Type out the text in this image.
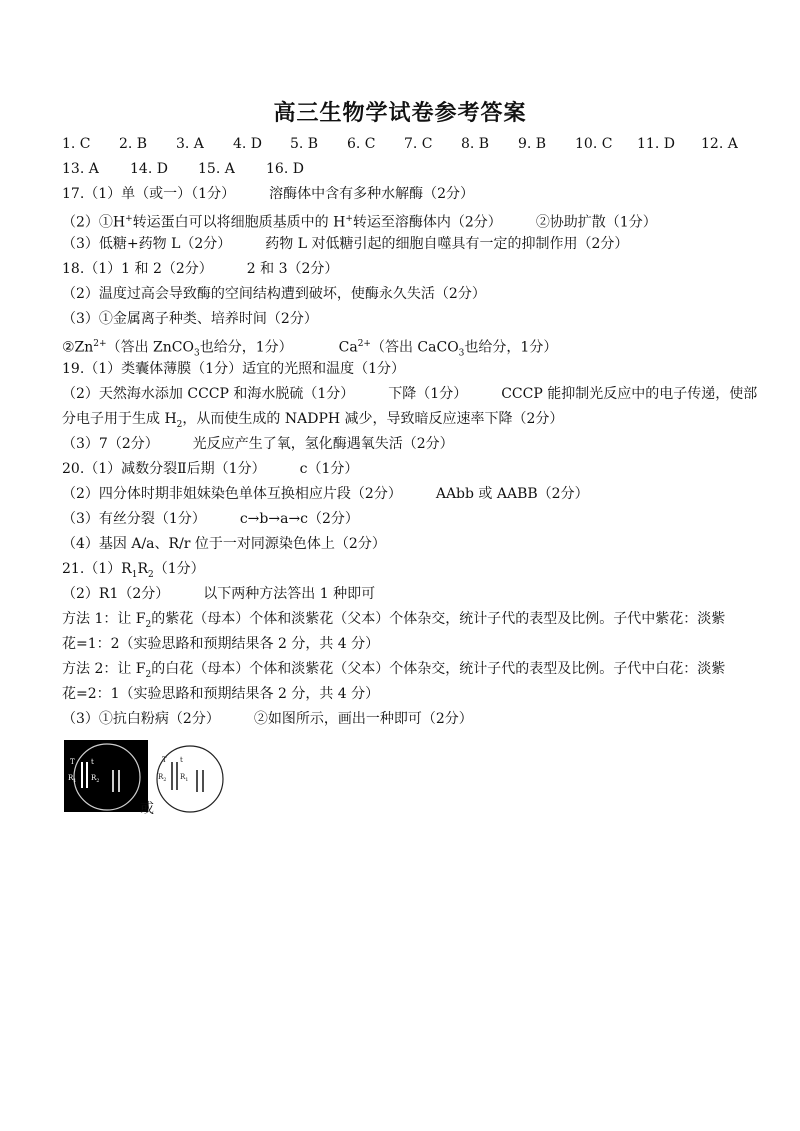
高三生物学试卷参考答案
1. C 2. B 3. A 4. D 5. B 6. C 7. C 8. B 9. B 10. C 11. D 12. A
13. A 14. D 15. A 16. D
17.（1）单（或一）（1分） 溶酶体中含有多种水解酶（2分）
（2）①H+转运蛋白可以将细胞质基质中的 H+转运至溶酶体内（2分） ②协助扩散（1分）
（3）低糖+药物 L（2分） 药物 L 对低糖引起的细胞自噬具有一定的抑制作用（2分）
18.（1）1 和 2（2分） 2 和 3（2分）
（2）温度过高会导致酶的空间结构遭到破坏，使酶永久失活（2分）
（3）①金属离子种类、培养时间（2分）
$②Zn^{2+}$（答出 ZnCO$_3$也给分，1分）	$Ca^{2+}$（答出 CaCO$_3$也给分，1分）
19.（1）类囊体薄膜（1分）适宜的光照和温度（1分）
（2）天然海水添加 CCCP 和海水脱硫（1分） 下降（1分） CCCP 能抑制光反应中的电子传递，使部
分电子用于生成 $H_2$，从而使生成的 NADPH 减少，导致暗反应速率下降（2分）
（3）7（2分） 光反应产生了氧，氢化酶遇氧失活（2分）
20.（1）减数分裂Ⅱ后期（1分） c（1分）
（2）四分体时期非姐妹染色单体互换相应片段（2分） AAbb 或 AABB（2分）
（3）有丝分裂（1分） c→b→a→c（2分）
（4）基因 A/a、R/r 位于一对同源染色体上（2分）
$21.(1)R_1R_2(1$分）
（2）R1（2分） 以下两种方法答出 1 种即可
方法 1：让 $F_2$的紫花（母本）个体和淡紫花（父本）个体杂交，统计子代的表型及比例。子代中紫花：淡紫
花=1：2（实验思路和预期结果各 2 分，共 4 分）
方法 2：让 $F_2$的白花（母本）个体和淡紫花（父本）个体杂交，统计子代的表型及比例。子代中白花：淡紫
花=2：1（实验思路和预期结果各 2 分，共 4 分）
（3）①抗白粉病（2分） ②如图所示，画出一种即可（2分）
T t
$R_1$ $R_2$
或
T t
$R_2$ $R_1$
